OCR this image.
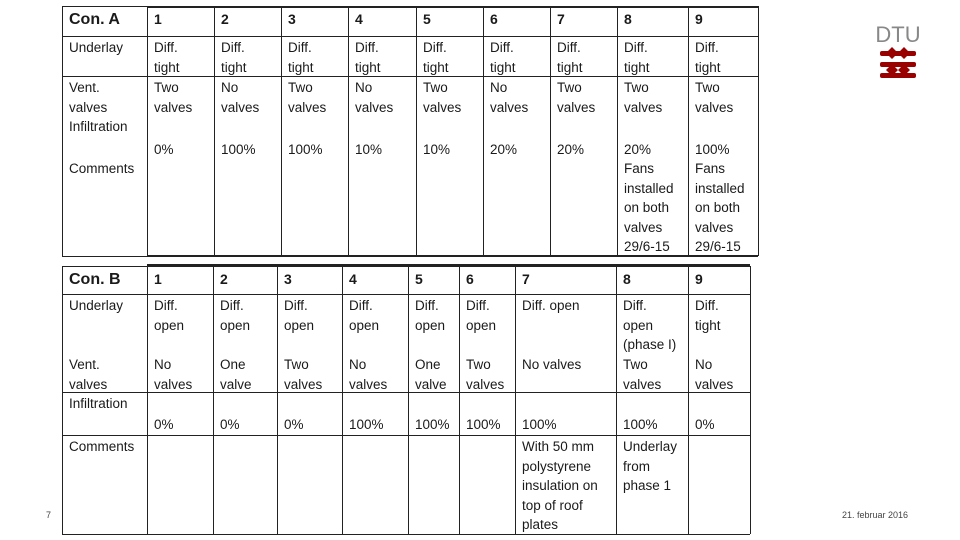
Con. A
Underlay
Vent.
valves
Infiltration
Comments
1
Diff.
tight
Two
valves
0%
2
Diff.
tight
No
valves
100%
3
Diff.
tight
Two
valves
100%
4
Diff.
tight
No
valves
10%
5
Diff.
tight
Two
valves
10%
6
Diff.
tight
No
valves
20%
7
Diff.
tight
Two
valves
20%
8
Diff.
tight
Two
valves
20%
Fans
installed
on both
valves
29/6-15
9
Diff.
tight
Two
valves
100%
Fans
installed
on both
valves
29/6-15
Con. B
Underlay
Vent.
valves
Infiltration
Comments
1
Diff.
open
No
valves
0%
2
Diff.
open
One
valve
0%
3
Diff.
open
Two
valves
0%
4
Diff.
open
No
valves
100%
5
Diff.
open
One
valve
100%
6
Diff.
open
Two
valves
100%
7
Diff. open
No valves
100%
With 50 mm
polystyrene
insulation on
top of roof
plates
8
Diff.
open
(phase I)
Two
valves
100%
Underlay
from
phase 1
9
Diff.
tight
No
valves
0%
DTU
7	21. februar 2016
